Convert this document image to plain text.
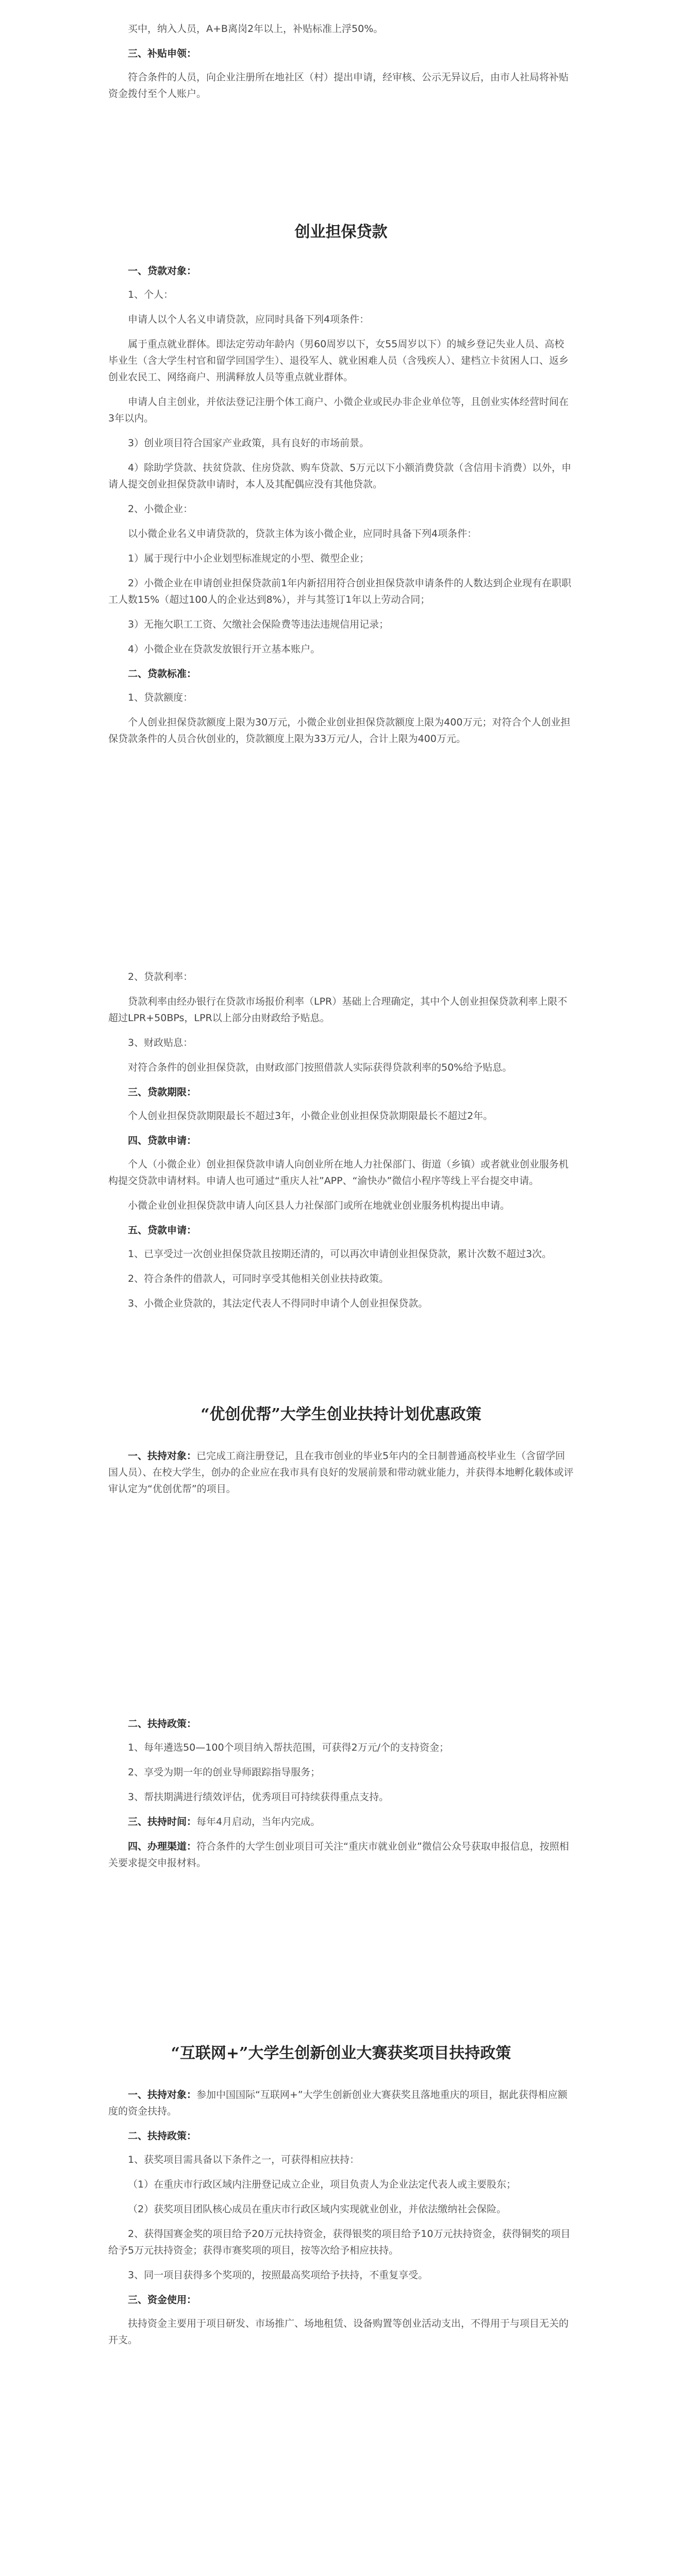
买中，纳入人员，A+B离岗2年以上，补贴标准上浮50%。

三、补贴申领：

符合条件的人员，向企业注册所在地社区（村）提出申请，经审核、公示无异议后，由市人社局将补贴资金拨付至个人账户。

创业担保贷款

一、贷款对象：

1、个人：

申请人以个人名义申请贷款，应同时具备下列4项条件：

属于重点就业群体。即法定劳动年龄内（男60周岁以下，女55周岁以下）的城乡登记失业人员、高校毕业生（含大学生村官和留学回国学生）、退役军人、就业困难人员（含残疾人）、建档立卡贫困人口、返乡创业农民工、网络商户、刑满释放人员等重点就业群体。

申请人自主创业，并依法登记注册个体工商户、小微企业或民办非企业单位等，且创业实体经营时间在3年以内。

3）创业项目符合国家产业政策，具有良好的市场前景。

4）除助学贷款、扶贫贷款、住房贷款、购车贷款、5万元以下小额消费贷款（含信用卡消费）以外，申请人提交创业担保贷款申请时，本人及其配偶应没有其他贷款。

2、小微企业：

以小微企业名义申请贷款的，贷款主体为该小微企业，应同时具备下列4项条件：

1）属于现行中小企业划型标准规定的小型、微型企业；

2）小微企业在申请创业担保贷款前1年内新招用符合创业担保贷款申请条件的人数达到企业现有在职职工人数15%（超过100人的企业达到8%），并与其签订1年以上劳动合同；

3）无拖欠职工工资、欠缴社会保险费等违法违规信用记录；

4）小微企业在贷款发放银行开立基本账户。

二、贷款标准：

1、贷款额度：

个人创业担保贷款额度上限为30万元，小微企业创业担保贷款额度上限为400万元；对符合个人创业担保贷款条件的人员合伙创业的，贷款额度上限为33万元/人，合计上限为400万元。

2、贷款利率：

贷款利率由经办银行在贷款市场报价利率（LPR）基础上合理确定，其中个人创业担保贷款利率上限不超过LPR+50BPs，LPR以上部分由财政给予贴息。

3、财政贴息：

对符合条件的创业担保贷款，由财政部门按照借款人实际获得贷款利率的50%给予贴息。

三、贷款期限：

个人创业担保贷款期限最长不超过3年，小微企业创业担保贷款期限最长不超过2年。

四、贷款申请：

个人（小微企业）创业担保贷款申请人向创业所在地人力社保部门、街道（乡镇）或者就业创业服务机构提交贷款申请材料。申请人也可通过“重庆人社”APP、“渝快办”微信小程序等线上平台提交申请。

小微企业创业担保贷款申请人向区县人力社保部门或所在地就业创业服务机构提出申请。

五、贷款申请：

1、已享受过一次创业担保贷款且按期还清的，可以再次申请创业担保贷款，累计次数不超过3次。

2、符合条件的借款人，可同时享受其他相关创业扶持政策。

3、小微企业贷款的，其法定代表人不得同时申请个人创业担保贷款。

“优创优帮”大学生创业扶持计划优惠政策

一、扶持对象：已完成工商注册登记，且在我市创业的毕业5年内的全日制普通高校毕业生（含留学回国人员）、在校大学生，创办的企业应在我市具有良好的发展前景和带动就业能力，并获得本地孵化载体或评审认定为“优创优帮”的项目。

二、扶持政策：

1、每年遴选50—100个项目纳入帮扶范围，可获得2万元/个的支持资金；

2、享受为期一年的创业导师跟踪指导服务；

3、帮扶期满进行绩效评估，优秀项目可持续获得重点支持。

三、扶持时间：每年4月启动，当年内完成。

四、办理渠道：符合条件的大学生创业项目可关注“重庆市就业创业”微信公众号获取申报信息，按照相关要求提交申报材料。

“互联网+”大学生创新创业大赛获奖项目扶持政策

一、扶持对象：参加中国国际“互联网+”大学生创新创业大赛获奖且落地重庆的项目，据此获得相应额度的资金扶持。

二、扶持政策：

1、获奖项目需具备以下条件之一，可获得相应扶持：

（1）在重庆市行政区域内注册登记成立企业，项目负责人为企业法定代表人或主要股东；

（2）获奖项目团队核心成员在重庆市行政区域内实现就业创业，并依法缴纳社会保险。

2、获得国赛金奖的项目给予20万元扶持资金，获得银奖的项目给予10万元扶持资金，获得铜奖的项目给予5万元扶持资金；获得市赛奖项的项目，按等次给予相应扶持。

3、同一项目获得多个奖项的，按照最高奖项给予扶持，不重复享受。

三、资金使用：

扶持资金主要用于项目研发、市场推广、场地租赁、设备购置等创业活动支出，不得用于与项目无关的开支。
